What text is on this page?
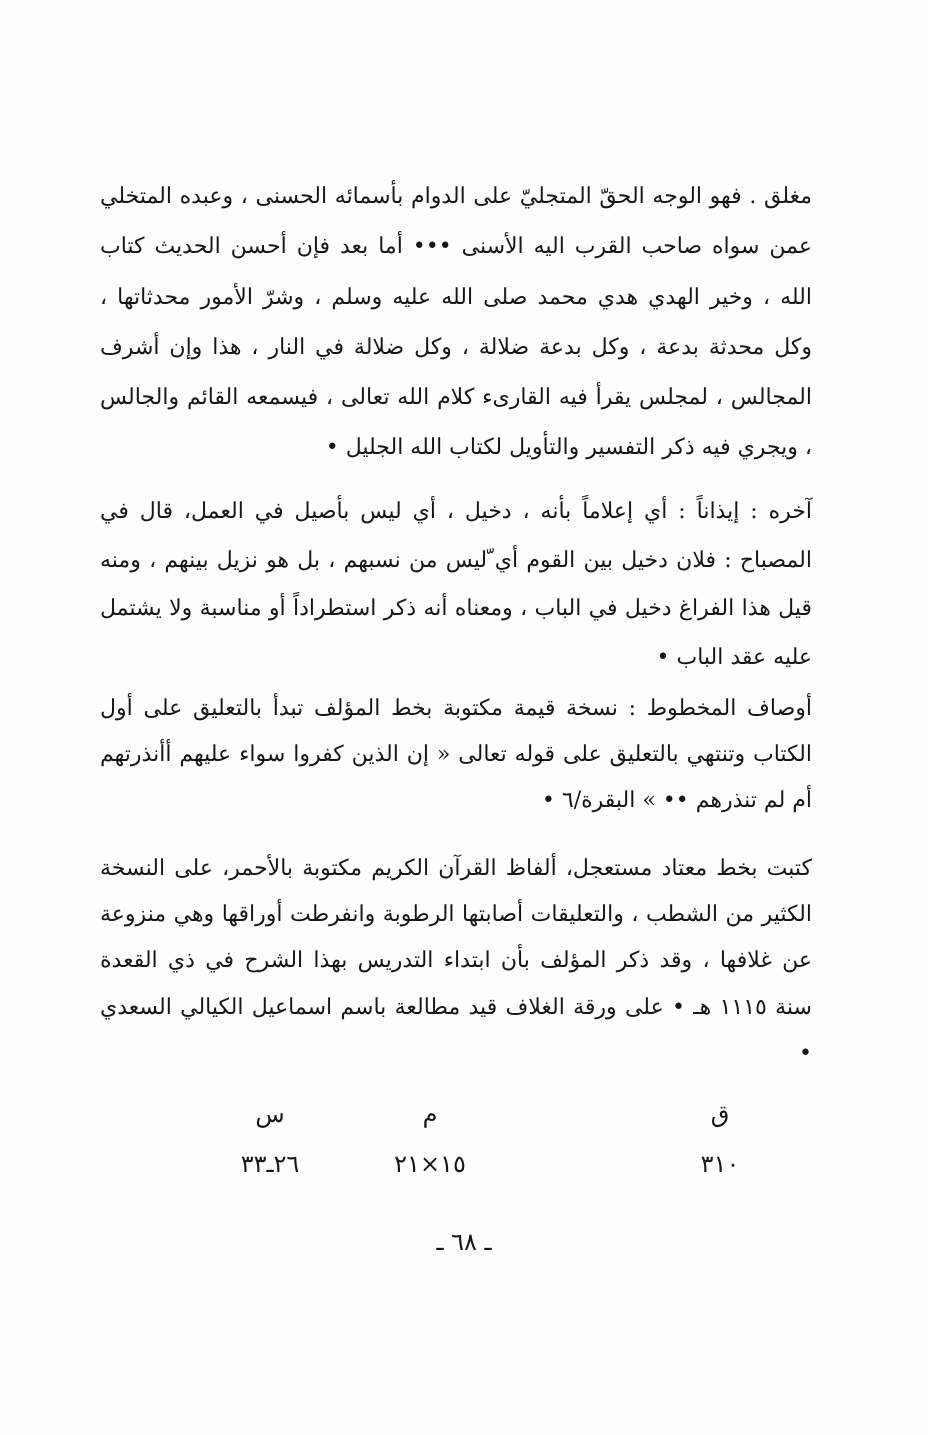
مغلق . فهو الوجه الحقّ المتجليّ على الدوام بأسمائه الحسنى ، وعبده المتخلي عمن سواه صاحب القرب اليه الأسنى ••• أما بعد فإن أحسن الحديث كتاب الله ، وخير الهدي هدي محمد صلى الله عليه وسلم ، وشرّ الأمور محدثاتها ، وكل محدثة بدعة ، وكل بدعة ضلالة ، وكل ضلالة في النار ، هذا وإن أشرف المجالس ، لمجلس يقرأ فيه القارىء كلام الله تعالى ، فيسمعه القائم والجالس ، ويجري فيه ذكر التفسير والتأويل لكتاب الله الجليل •

آخره : إيذاناً : أي إعلاماً بأنه ، دخيل ، أي ليس بأصيل في العمل، قال في المصباح : فلان دخيل بين القوم أي ّليس من نسبهم ، بل هو نزيل بينهم ، ومنه قيل هذا الفراغ دخيل في الباب ، ومعناه أنه ذكر استطراداً أو مناسبة ولا يشتمل عليه عقد الباب •

أوصاف المخطوط : نسخة قيمة مكتوبة بخط المؤلف تبدأ بالتعليق على أول الكتاب وتنتهي بالتعليق على قوله تعالى « إن الذين كفروا سواء عليهم أأنذرتهم أم لم تنذرهم •• » البقرة/٦ •

كتبت بخط معتاد مستعجل، ألفاظ القرآن الكريم مكتوبة بالأحمر، على النسخة الكثير من الشطب ، والتعليقات أصابتها الرطوبة وانفرطت أوراقها وهي منزوعة عن غلافها ، وقد ذكر المؤلف بأن ابتداء التدريس بهذا الشرح في ذي القعدة سنة ١١١٥ هـ • على ورقة الغلاف قيد مطالعة باسم اسماعيل الكيالي السعدي •

ق
م
س
٣١٠
١٥×٢١
٢٦ـ٣٣
ـ ٦٨ ـ
